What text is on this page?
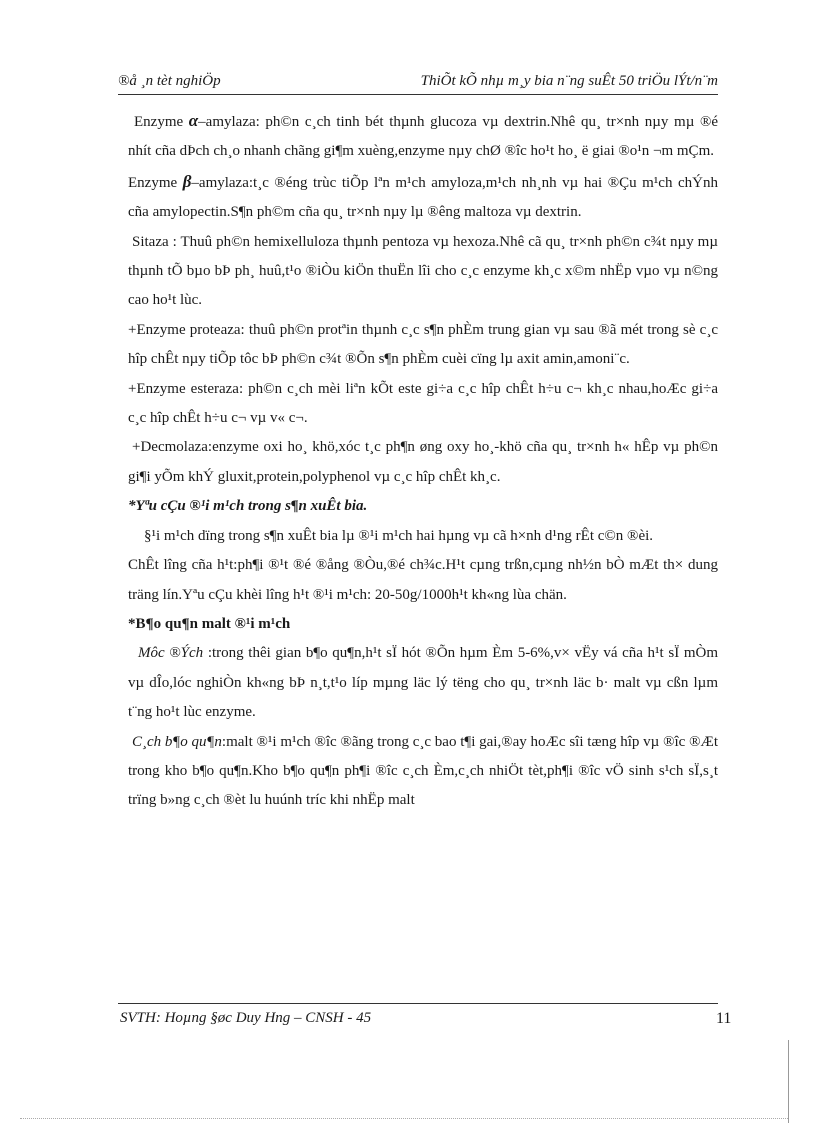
®å ¸n tèt nghiÖp	ThiÕt kÕ nhµ m¸y bia n¨ng suÊt 50 triÖu lÝt/n¨m

Enzyme α–amylaza: ph©n c¸ch tinh bét thµnh glucoza vµ dextrin.Nhê qu¸ tr×nh nµy mµ ®é nhít cña dÞch ch¸o nhanh chãng gi¶m xuèng,enzyme nµy chØ ®îc ho¹t ho¸ ë giai ®o¹n ¬m mÇm.

Enzyme β–amylaza:t¸c ®éng trùc tiÕp lªn m¹ch amyloza,m¹ch nh¸nh vµ hai ®Çu m¹ch chÝnh cña amylopectin.S¶n ph©m cña qu¸ tr×nh nµy lµ ®êng maltoza vµ dextrin.

Sitaza : Thuû ph©n hemixelluloza thµnh pentoza vµ hexoza.Nhê cã qu¸ tr×nh ph©n c¾t nµy mµ thµnh tÕ bµo bÞ ph¸ huû,t¹o ®iÒu kiÖn thuËn lîi cho c¸c enzyme kh¸c x©m nhËp vµo vµ n©ng cao ho¹t lùc.

+Enzyme proteaza: thuû ph©n protªin thµnh c¸c s¶n phÈm trung gian vµ sau ®ã mét trong sè c¸c hîp chÊt nµy tiÕp tôc bÞ ph©n c¾t ®Õn s¶n phÈm cuèi cïng lµ axit amin,amoni¨c.

+Enzyme esteraza: ph©n c¸ch mèi liªn kÕt este gi÷a c¸c hîp chÊt h÷u c¬ kh¸c nhau,hoÆc gi÷a c¸c hîp chÊt h÷u c¬ vµ v« c¬.

+Decmolaza:enzyme oxi ho¸ khö,xóc t¸c ph¶n øng oxy ho¸-khö cña qu¸ tr×nh h« hÊp vµ ph©n gi¶i yÕm khÝ gluxit,protein,polyphenol vµ c¸c hîp chÊt kh¸c.

*Yªu cÇu ®¹i m¹ch trong s¶n xuÊt bia.

§¹i m¹ch dïng trong s¶n xuÊt bia lµ ®¹i m¹ch hai hµng vµ cã h×nh d¹ng rÊt c©n ®èi.

ChÊt lîng cña h¹t:ph¶i ®¹t ®é ®ång ®Òu,®é ch¾c.H¹t cµng trßn,cµng nh½n bÒ mÆt th× dung träng lín.Yªu cÇu khèi lîng h¹t ®¹i m¹ch: 20-50g/1000h¹t kh«ng lùa chän.

*B¶o qu¶n malt ®¹i m¹ch

Môc ®Ých :trong thêi gian b¶o qu¶n,h¹t sÏ hót ®Õn hµm Èm 5-6%,v× vËy vá cña h¹t sÏ mÒm vµ dÎo,lóc nghiÒn kh«ng bÞ n¸t,t¹o líp mµng läc lý tëng cho qu¸ tr×nh läc b· malt vµ cßn lµm t¨ng ho¹t lùc enzyme.

C¸ch b¶o qu¶n:malt ®¹i m¹ch ®îc ®ãng trong c¸c bao t¶i gai,®ay hoÆc sîi tæng hîp vµ ®îc ®Æt trong kho b¶o qu¶n.Kho b¶o qu¶n ph¶i ®îc c¸ch Èm,c¸ch nhiÖt tèt,ph¶i ®îc vÖ sinh s¹ch sÏ,s¸t trïng b»ng c¸ch ®èt lu huúnh tríc khi nhËp malt

SVTH: Hoµng §øc Duy Hng – CNSH - 45	11
